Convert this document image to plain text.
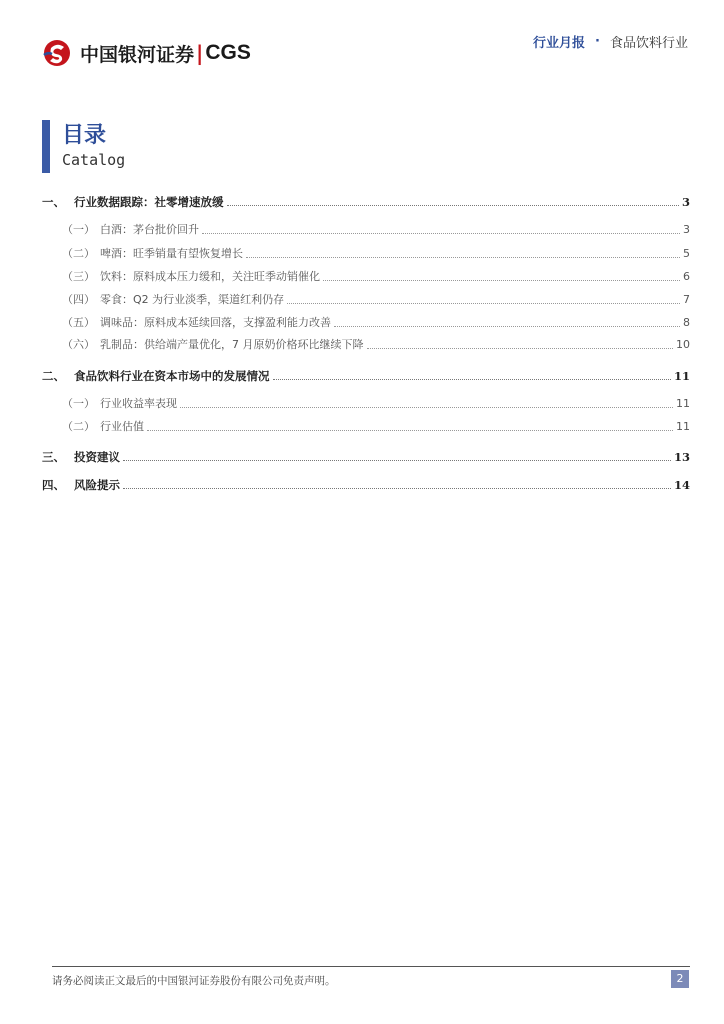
中国银河证券 | CGS	行业月报 · 食品饮料行业
目录
Catalog
一、 行业数据跟踪：社零增速放缓	3
（一） 白酒：茅台批价回升	3
（二） 啤酒：旺季销量有望恢复增长	5
（三） 饮料：原料成本压力缓和，关注旺季动销催化	6
（四） 零食：Q2 为行业淡季，渠道红利仍存	7
（五） 调味品：原料成本延续回落，支撑盈利能力改善	8
（六） 乳制品：供给端产量优化，7 月原奶价格环比继续下降	10
二、 食品饮料行业在资本市场中的发展情况	11
（一） 行业收益率表现	11
（二） 行业估值	11
三、 投资建议	13
四、 风险提示	14
请务必阅读正文最后的中国银河证券股份有限公司免责声明。	2
